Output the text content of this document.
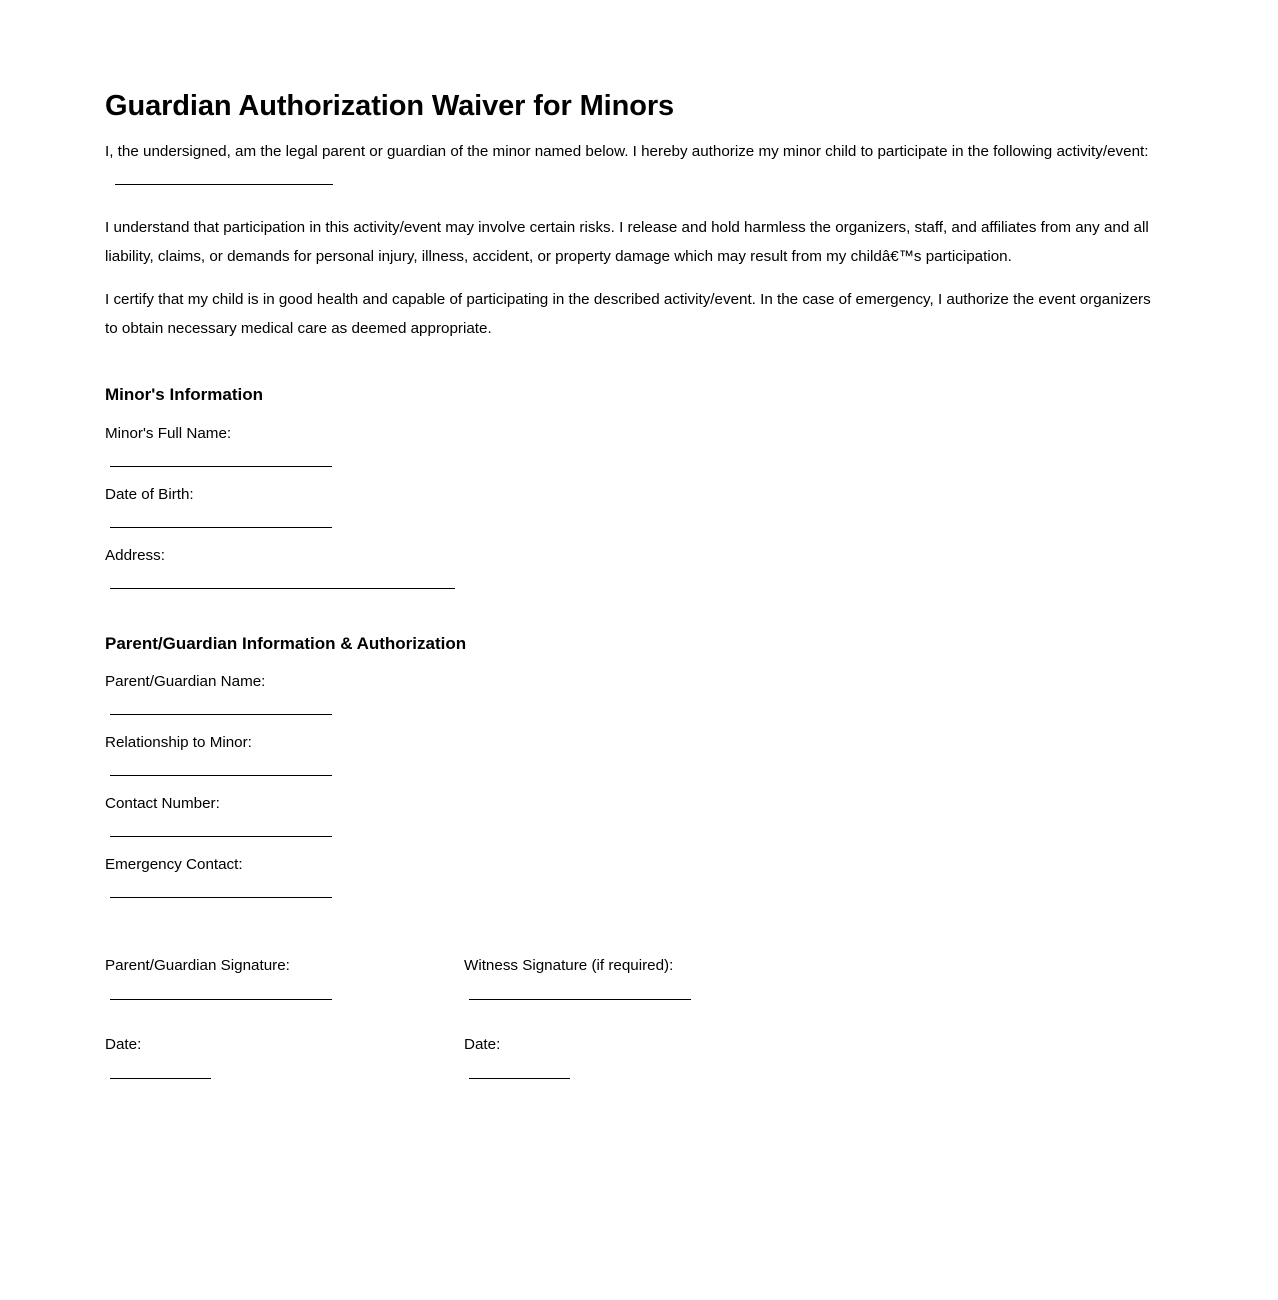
Guardian Authorization Waiver for Minors

I, the undersigned, am the legal parent or guardian of the minor named below. I hereby authorize my minor child to participate in the following activity/event:

I understand that participation in this activity/event may involve certain risks. I release and hold harmless the organizers, staff, and affiliates from any and all liability, claims, or demands for personal injury, illness, accident, or property damage which may result from my childâ€™s participation.

I certify that my child is in good health and capable of participating in the described activity/event. In the case of emergency, I authorize the event organizers to obtain necessary medical care as deemed appropriate.

Minor's Information
Minor's Full Name:
Date of Birth:
Address:
Parent/Guardian Information & Authorization
Parent/Guardian Name:
Relationship to Minor:
Contact Number:
Emergency Contact:
Parent/Guardian Signature:	Witness Signature (if required):
Date:	Date:
